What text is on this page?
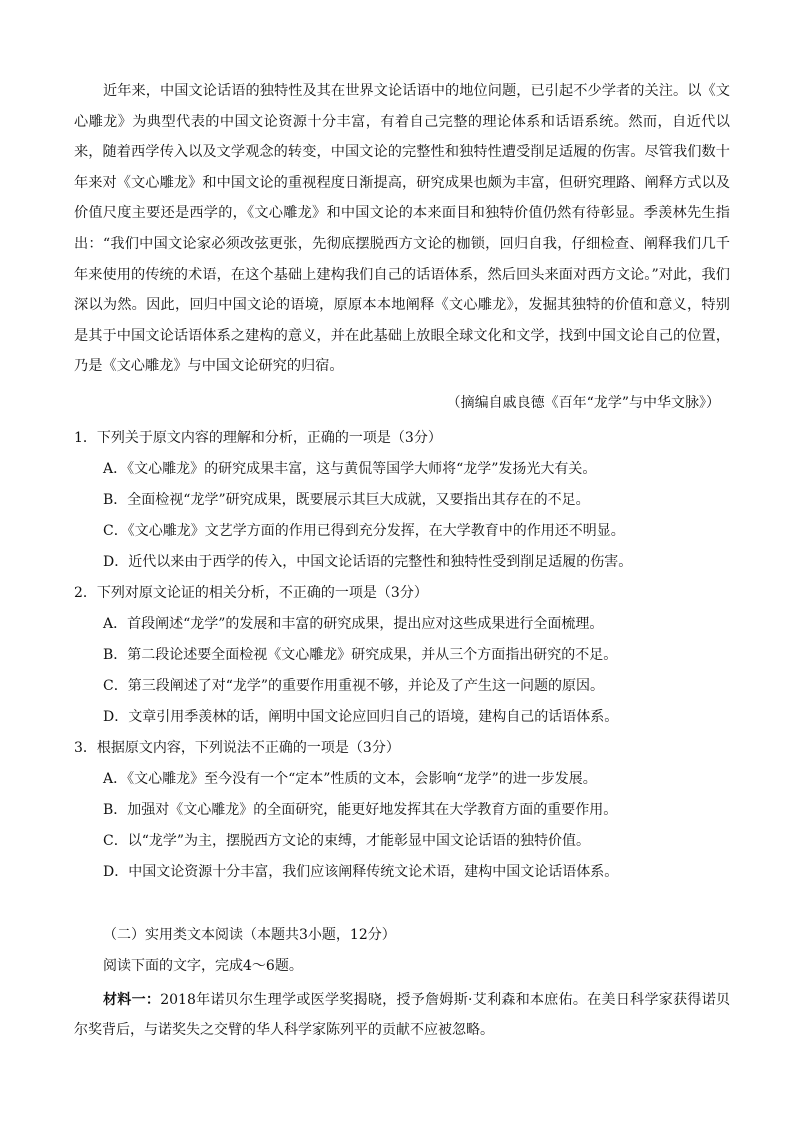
近年来，中国文论话语的独特性及其在世界文论话语中的地位问题，已引起不少学者的关注。以《文心雕龙》为典型代表的中国文论资源十分丰富，有着自己完整的理论体系和话语系统。然而，自近代以来，随着西学传入以及文学观念的转变，中国文论的完整性和独特性遭受削足适履的伤害。尽管我们数十年来对《文心雕龙》和中国文论的重视程度日渐提高，研究成果也颇为丰富，但研究理路、阐释方式以及价值尺度主要还是西学的，《文心雕龙》和中国文论的本来面目和独特价值仍然有待彰显。季羡林先生指出：“我们中国文论家必须改弦更张，先彻底摆脱西方文论的枷锁，回归自我，仔细检查、阐释我们几千年来使用的传统的术语，在这个基础上建构我们自己的话语体系，然后回头来面对西方文论。”对此，我们深以为然。因此，回归中国文论的语境，原原本本地阐释《文心雕龙》，发掘其独特的价值和意义，特别是其于中国文论话语体系之建构的意义，并在此基础上放眼全球文化和文学，找到中国文论自己的位置，乃是《文心雕龙》与中国文论研究的归宿。

（摘编自戚良德《百年“龙学”与中华文脉》）
1．下列关于原文内容的理解和分析，正确的一项是（3分）
A．《文心雕龙》的研究成果丰富，这与黄侃等国学大师将“龙学”发扬光大有关。
B．全面检视“龙学”研究成果，既要展示其巨大成就，又要指出其存在的不足。
C．《文心雕龙》文艺学方面的作用已得到充分发挥，在大学教育中的作用还不明显。
D．近代以来由于西学的传入，中国文论话语的完整性和独特性受到削足适履的伤害。
2．下列对原文论证的相关分析，不正确的一项是（3分）
A．首段阐述“龙学”的发展和丰富的研究成果，提出应对这些成果进行全面梳理。
B．第二段论述要全面检视《文心雕龙》研究成果，并从三个方面指出研究的不足。
C．第三段阐述了对“龙学”的重要作用重视不够，并论及了产生这一问题的原因。
D．文章引用季羡林的话，阐明中国文论应回归自己的语境，建构自己的话语体系。
3．根据原文内容，下列说法不正确的一项是（3分）
A．《文心雕龙》至今没有一个“定本”性质的文本，会影响“龙学”的进一步发展。
B．加强对《文心雕龙》的全面研究，能更好地发挥其在大学教育方面的重要作用。
C．以“龙学”为主，摆脱西方文论的束缚，才能彰显中国文论话语的独特价值。
D．中国文论资源十分丰富，我们应该阐释传统文论术语，建构中国文论话语体系。
（二）实用类文本阅读（本题共3小题，12分）
阅读下面的文字，完成4～6题。

材料一：2018年诺贝尔生理学或医学奖揭晓，授予詹姆斯·艾利森和本庶佑。在美日科学家获得诺贝尔奖背后，与诺奖失之交臂的华人科学家陈列平的贡献不应被忽略。
